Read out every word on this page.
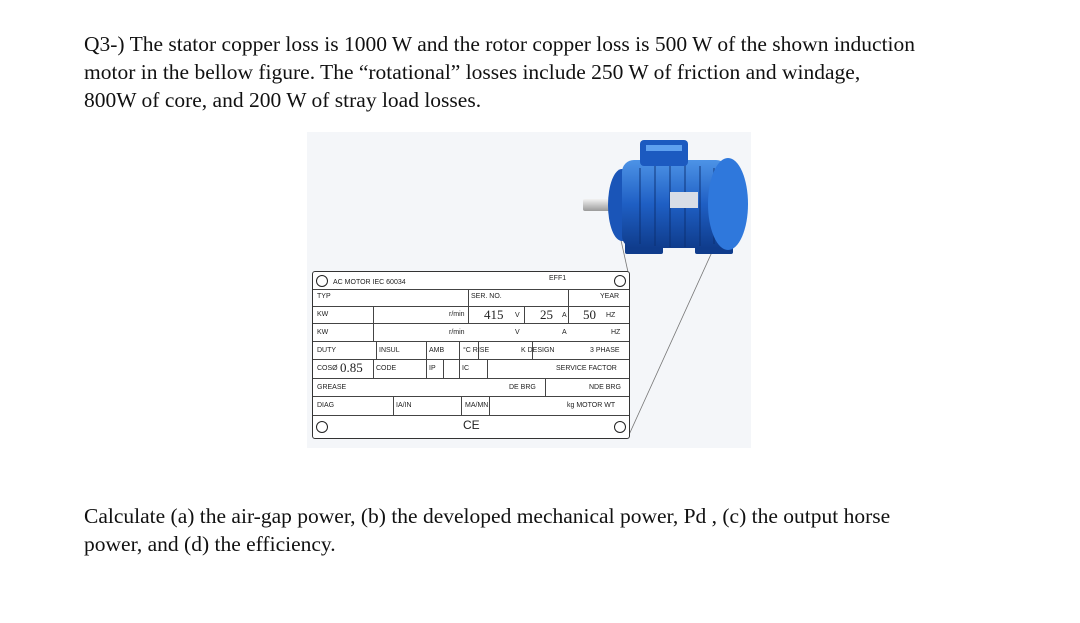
Q3-) The stator copper loss is 1000 W and the rotor copper loss is 500 W of the shown induction
motor in the bellow figure. The “rotational” losses include 250 W of friction and windage,
800W of core, and 200 W of stray load losses.
AC MOTOR IEC 60034
EFF1
TYP	SER. NO.	YEAR
KW	r/min 415 V 25 A 50 HZ
KW	r/min	V	A	HZ
DUTY	INSUL	AMB	°C RISE	K DESIGN	3 PHASE
COSØ 0.85 CODE	IP	IC	SERVICE FACTOR
GREASE	DE BRG	NDE BRG
DIAG	IA/IN	MA/MN	kg MOTOR WT
CE
Calculate (a) the air-gap power, (b) the developed mechanical power, Pd , (c) the output horse
power, and (d) the efficiency.
